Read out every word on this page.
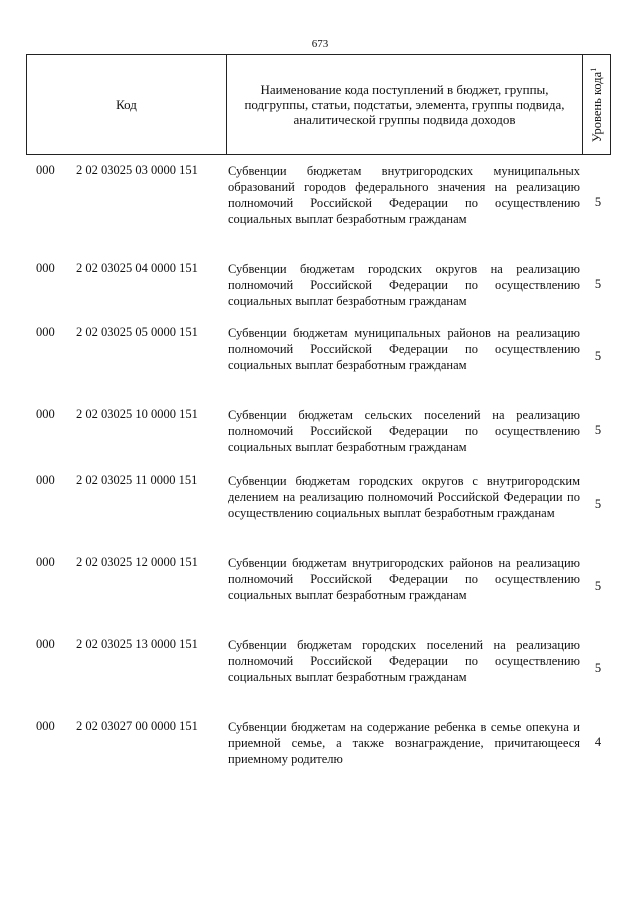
673
Код
Наименование кода поступлений в бюджет, группы, подгруппы, статьи, подстатьи, элемента, группы подвида, аналитической группы подвида доходов	Уровень кода$^1$
000 2 02 03025 03 0000 151 Субвенции бюджетам внутригородских муниципальных образований городов федерального значения на реализацию полномочий Российской Федерации по осуществлению социальных выплат безработным гражданам
5
000 2 02 03025 04 0000 151 Субвенции бюджетам городских округов на реализацию полномочий Российской Федерации по осуществлению социальных выплат безработным гражданам
5
000 2 02 03025 05 0000 151 Субвенции бюджетам муниципальных районов на реализацию полномочий Российской Федерации по осуществлению социальных выплат безработным гражданам
5
000 2 02 03025 10 0000 151 Субвенции бюджетам сельских поселений на реализацию полномочий Российской Федерации по осуществлению социальных выплат безработным гражданам
5
000 2 02 03025 11 0000 151 Субвенции бюджетам городских округов с внутригородским делением на реализацию полномочий Российской Федерации по осуществлению социальных выплат безработным гражданам
5
000 2 02 03025 12 0000 151 Субвенции бюджетам внутригородских районов на реализацию полномочий Российской Федерации по осуществлению социальных выплат безработным гражданам
5
000 2 02 03025 13 0000 151 Субвенции бюджетам городских поселений на реализацию полномочий Российской Федерации по осуществлению социальных выплат безработным гражданам
5
000 2 02 03027 00 0000 151 Субвенции бюджетам на содержание ребенка в семье опекуна и приемной семье, а также вознаграждение, причитающееся приемному родителю
4
